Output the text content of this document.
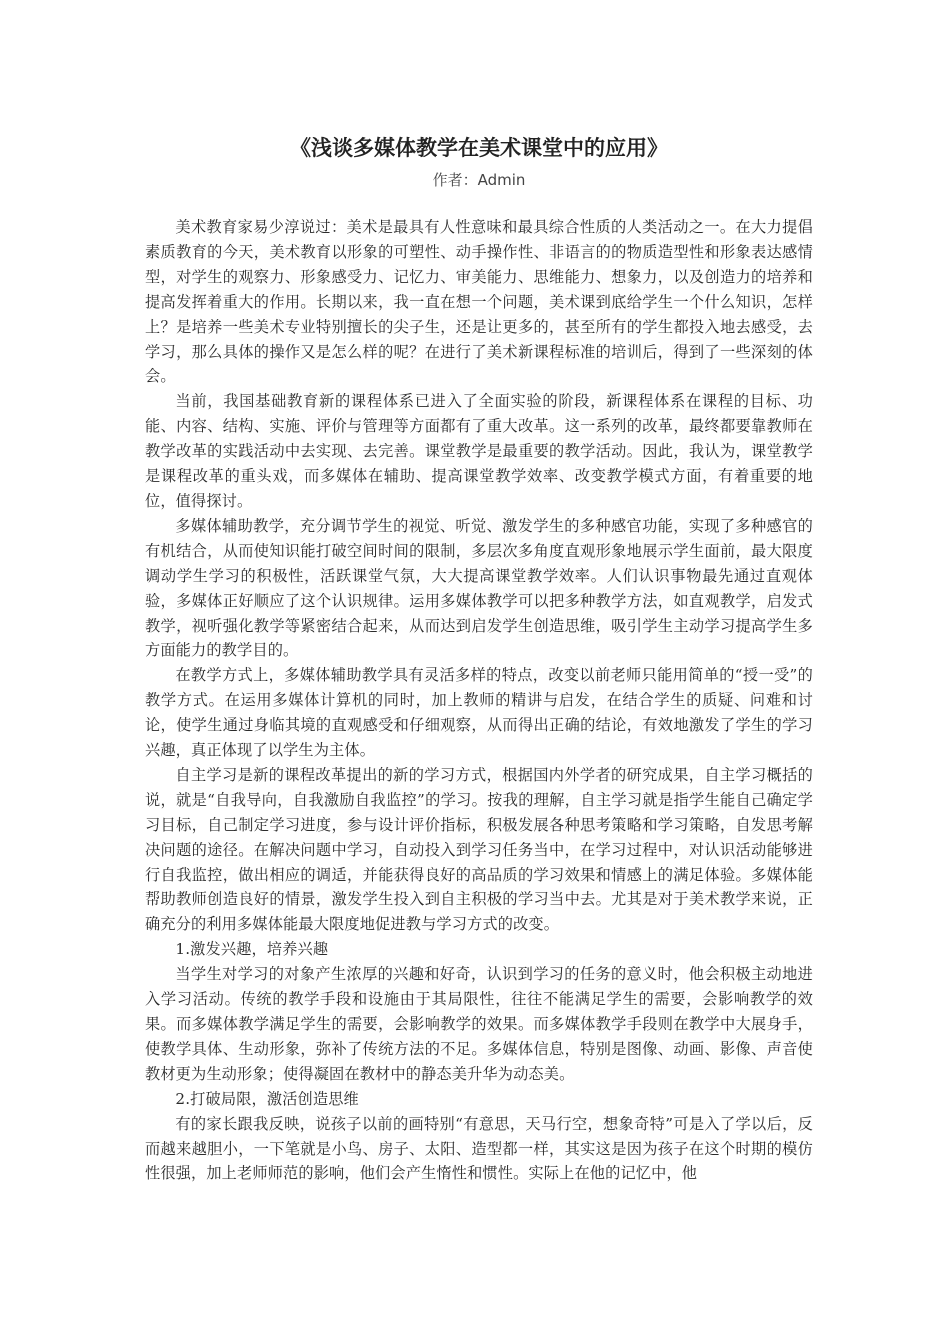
《浅谈多媒体教学在美术课堂中的应用》

作者：Admin

美术教育家易少淳说过：美术是最具有人性意味和最具综合性质的人类活动之一。在大力提倡素质教育的今天，美术教育以形象的可塑性、动手操作性、非语言的的物质造型性和形象表达感情型，对学生的观察力、形象感受力、记忆力、审美能力、思维能力、想象力，以及创造力的培养和提高发挥着重大的作用。长期以来，我一直在想一个问题，美术课到底给学生一个什么知识，怎样上？是培养一些美术专业特别擅长的尖子生，还是让更多的，甚至所有的学生都投入地去感受，去学习，那么具体的操作又是怎么样的呢？在进行了美术新课程标准的培训后，得到了一些深刻的体会。

当前，我国基础教育新的课程体系已进入了全面实验的阶段，新课程体系在课程的目标、功能、内容、结构、实施、评价与管理等方面都有了重大改革。这一系列的改革，最终都要靠教师在教学改革的实践活动中去实现、去完善。课堂教学是最重要的教学活动。因此，我认为，课堂教学是课程改革的重头戏，而多媒体在辅助、提高课堂教学效率、改变教学模式方面，有着重要的地位，值得探讨。

多媒体辅助教学，充分调节学生的视觉、听觉、激发学生的多种感官功能，实现了多种感官的有机结合，从而使知识能打破空间时间的限制，多层次多角度直观形象地展示学生面前，最大限度调动学生学习的积极性，活跃课堂气氛，大大提高课堂教学效率。人们认识事物最先通过直观体验，多媒体正好顺应了这个认识规律。运用多媒体教学可以把多种教学方法，如直观教学，启发式教学，视听强化教学等紧密结合起来，从而达到启发学生创造思维，吸引学生主动学习提高学生多方面能力的教学目的。

在教学方式上，多媒体辅助教学具有灵活多样的特点，改变以前老师只能用简单的“授一受”的教学方式。在运用多媒体计算机的同时，加上教师的精讲与启发，在结合学生的质疑、问难和讨论，使学生通过身临其境的直观感受和仔细观察，从而得出正确的结论，有效地激发了学生的学习兴趣，真正体现了以学生为主体。

自主学习是新的课程改革提出的新的学习方式，根据国内外学者的研究成果，自主学习概括的说，就是“自我导向，自我激励自我监控”的学习。按我的理解，自主学习就是指学生能自己确定学习目标，自己制定学习进度，参与设计评价指标，积极发展各种思考策略和学习策略，自发思考解决问题的途径。在解决问题中学习，自动投入到学习任务当中，在学习过程中，对认识活动能够进行自我监控，做出相应的调适，并能获得良好的高品质的学习效果和情感上的满足体验。多媒体能帮助教师创造良好的情景，激发学生投入到自主积极的学习当中去。尤其是对于美术教学来说，正确充分的利用多媒体能最大限度地促进教与学习方式的改变。

1.激发兴趣，培养兴趣

当学生对学习的对象产生浓厚的兴趣和好奇，认识到学习的任务的意义时，他会积极主动地进入学习活动。传统的教学手段和设施由于其局限性，往往不能满足学生的需要，会影响教学的效果。而多媒体教学满足学生的需要，会影响教学的效果。而多媒体教学手段则在教学中大展身手，使教学具体、生动形象，弥补了传统方法的不足。多媒体信息，特别是图像、动画、影像、声音使教材更为生动形象；使得凝固在教材中的静态美升华为动态美。

2.打破局限，激活创造思维

有的家长跟我反映，说孩子以前的画特别“有意思，天马行空，想象奇特”可是入了学以后，反而越来越胆小，一下笔就是小鸟、房子、太阳、造型都一样，其实这是因为孩子在这个时期的模仿性很强，加上老师师范的影响，他们会产生惰性和惯性。实际上在他的记忆中，他
